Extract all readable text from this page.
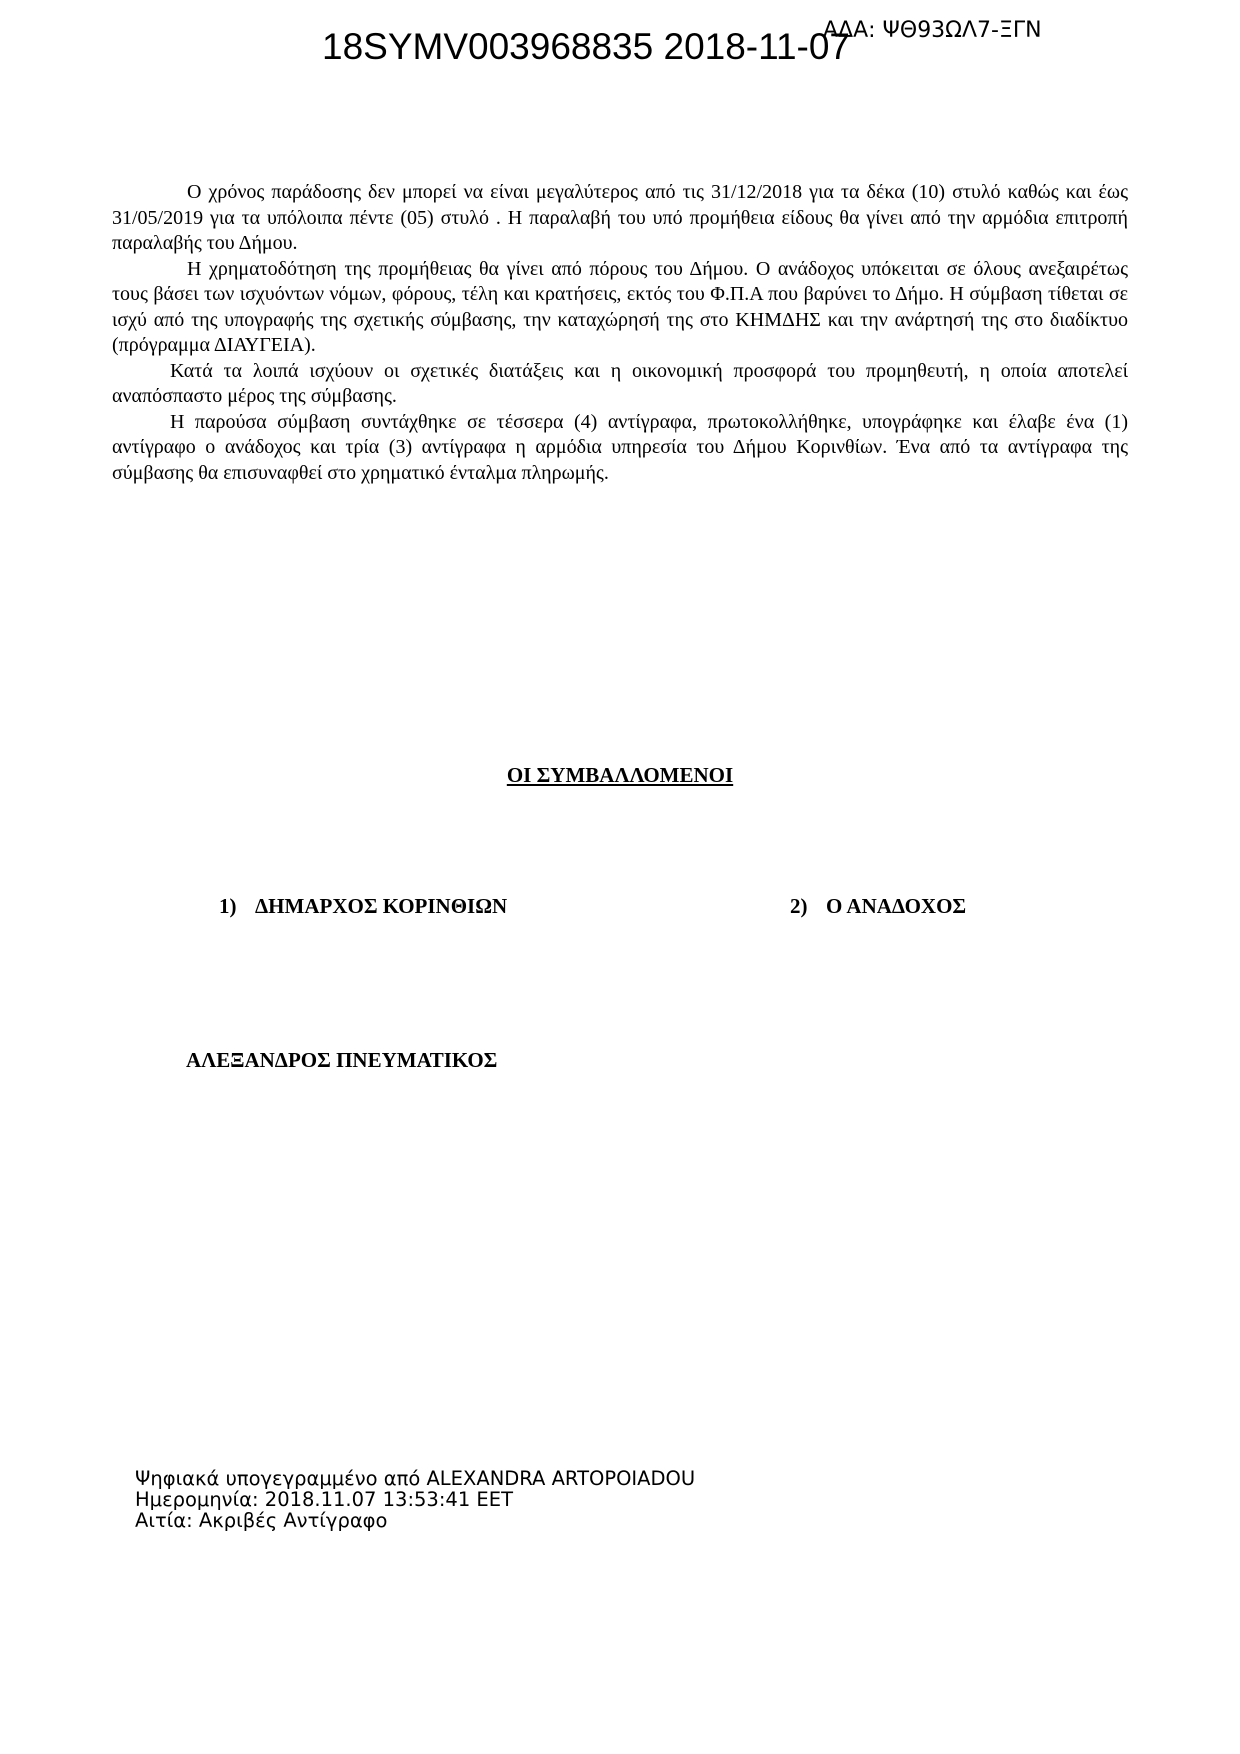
18SYMV003968835 2018-11-07
ΑΔΑ: ΨΘ93ΩΛ7-ΞΓΝ

Ο χρόνος παράδοσης δεν μπορεί να είναι μεγαλύτερος από τις 31/12/2018 για τα δέκα (10) στυλό καθώς και έως 31/05/2019 για τα υπόλοιπα πέντε (05) στυλό . Η παραλαβή του υπό προμήθεια είδους θα γίνει από την αρμόδια επιτροπή παραλαβής του Δήμου.

Η χρηματοδότηση της προμήθειας θα γίνει από πόρους του Δήμου. Ο ανάδοχος υπόκειται σε όλους ανεξαιρέτως τους βάσει των ισχυόντων νόμων, φόρους, τέλη και κρατήσεις, εκτός του Φ.Π.Α που βαρύνει το Δήμο. Η σύμβαση τίθεται σε ισχύ από της υπογραφής της σχετικής σύμβασης, την καταχώρησή της στο ΚΗΜΔΗΣ και την ανάρτησή της στο διαδίκτυο (πρόγραμμα ΔΙΑΥΓΕΙΑ).

Κατά τα λοιπά ισχύουν οι σχετικές διατάξεις και η οικονομική προσφορά του προμηθευτή, η οποία αποτελεί αναπόσπαστο μέρος της σύμβασης.

Η παρούσα σύμβαση συντάχθηκε σε τέσσερα (4) αντίγραφα, πρωτοκολλήθηκε, υπογράφηκε και έλαβε ένα (1) αντίγραφο ο ανάδοχος και τρία (3) αντίγραφα η αρμόδια υπηρεσία του Δήμου Κορινθίων. Ένα από τα αντίγραφα της σύμβασης θα επισυναφθεί στο χρηματικό ένταλμα πληρωμής.

ΟΙ ΣΥΜΒΑΛΛΟΜΕΝΟΙ
1) ΔΗΜΑΡΧΟΣ ΚΟΡΙΝΘΙΩΝ	2) Ο ΑΝΑΔΟΧΟΣ
ΑΛΕΞΑΝΔΡΟΣ ΠΝΕΥΜΑΤΙΚΟΣ
Ψηφιακά υπογεγραμμένο από ALEXANDRA ARTOPOIADOU
Ημερομηνία: 2018.11.07 13:53:41 EET
Αιτία: Ακριβές Αντίγραφο
